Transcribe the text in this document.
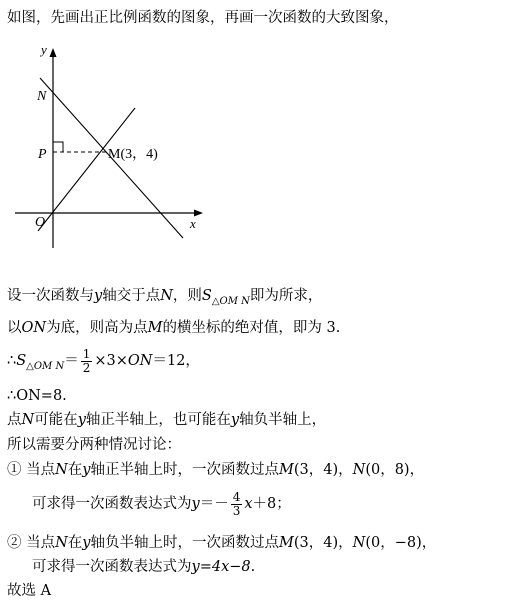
如图，先画出正比例函数的图象，再画一次函数的大致图象，
y
x
N
P
O
M(3，4)
设一次函数与y轴交于点N，则$S_{\triangle OM N}$即为所求，
以ON为底，则高为点M的横坐标的绝对值，即为 3.
$\therefore S_{\triangle OM N}= \frac{1}{2} \times 3\times ON=12$，
∴ON=8.
点N可能在y轴正半轴上，也可能在y轴负半轴上，
所以需要分两种情况讨论：
① 当点N在y轴正半轴上时，一次函数过点M(3，4)，N(0，8)，
可求得一次函数表达式为$y=- \frac{4}{3} x+8$；
② 当点N在y轴负半轴上时，一次函数过点M(3，4)，N(0，−8)，
可求得一次函数表达式为y=4x−8.
故选 A
